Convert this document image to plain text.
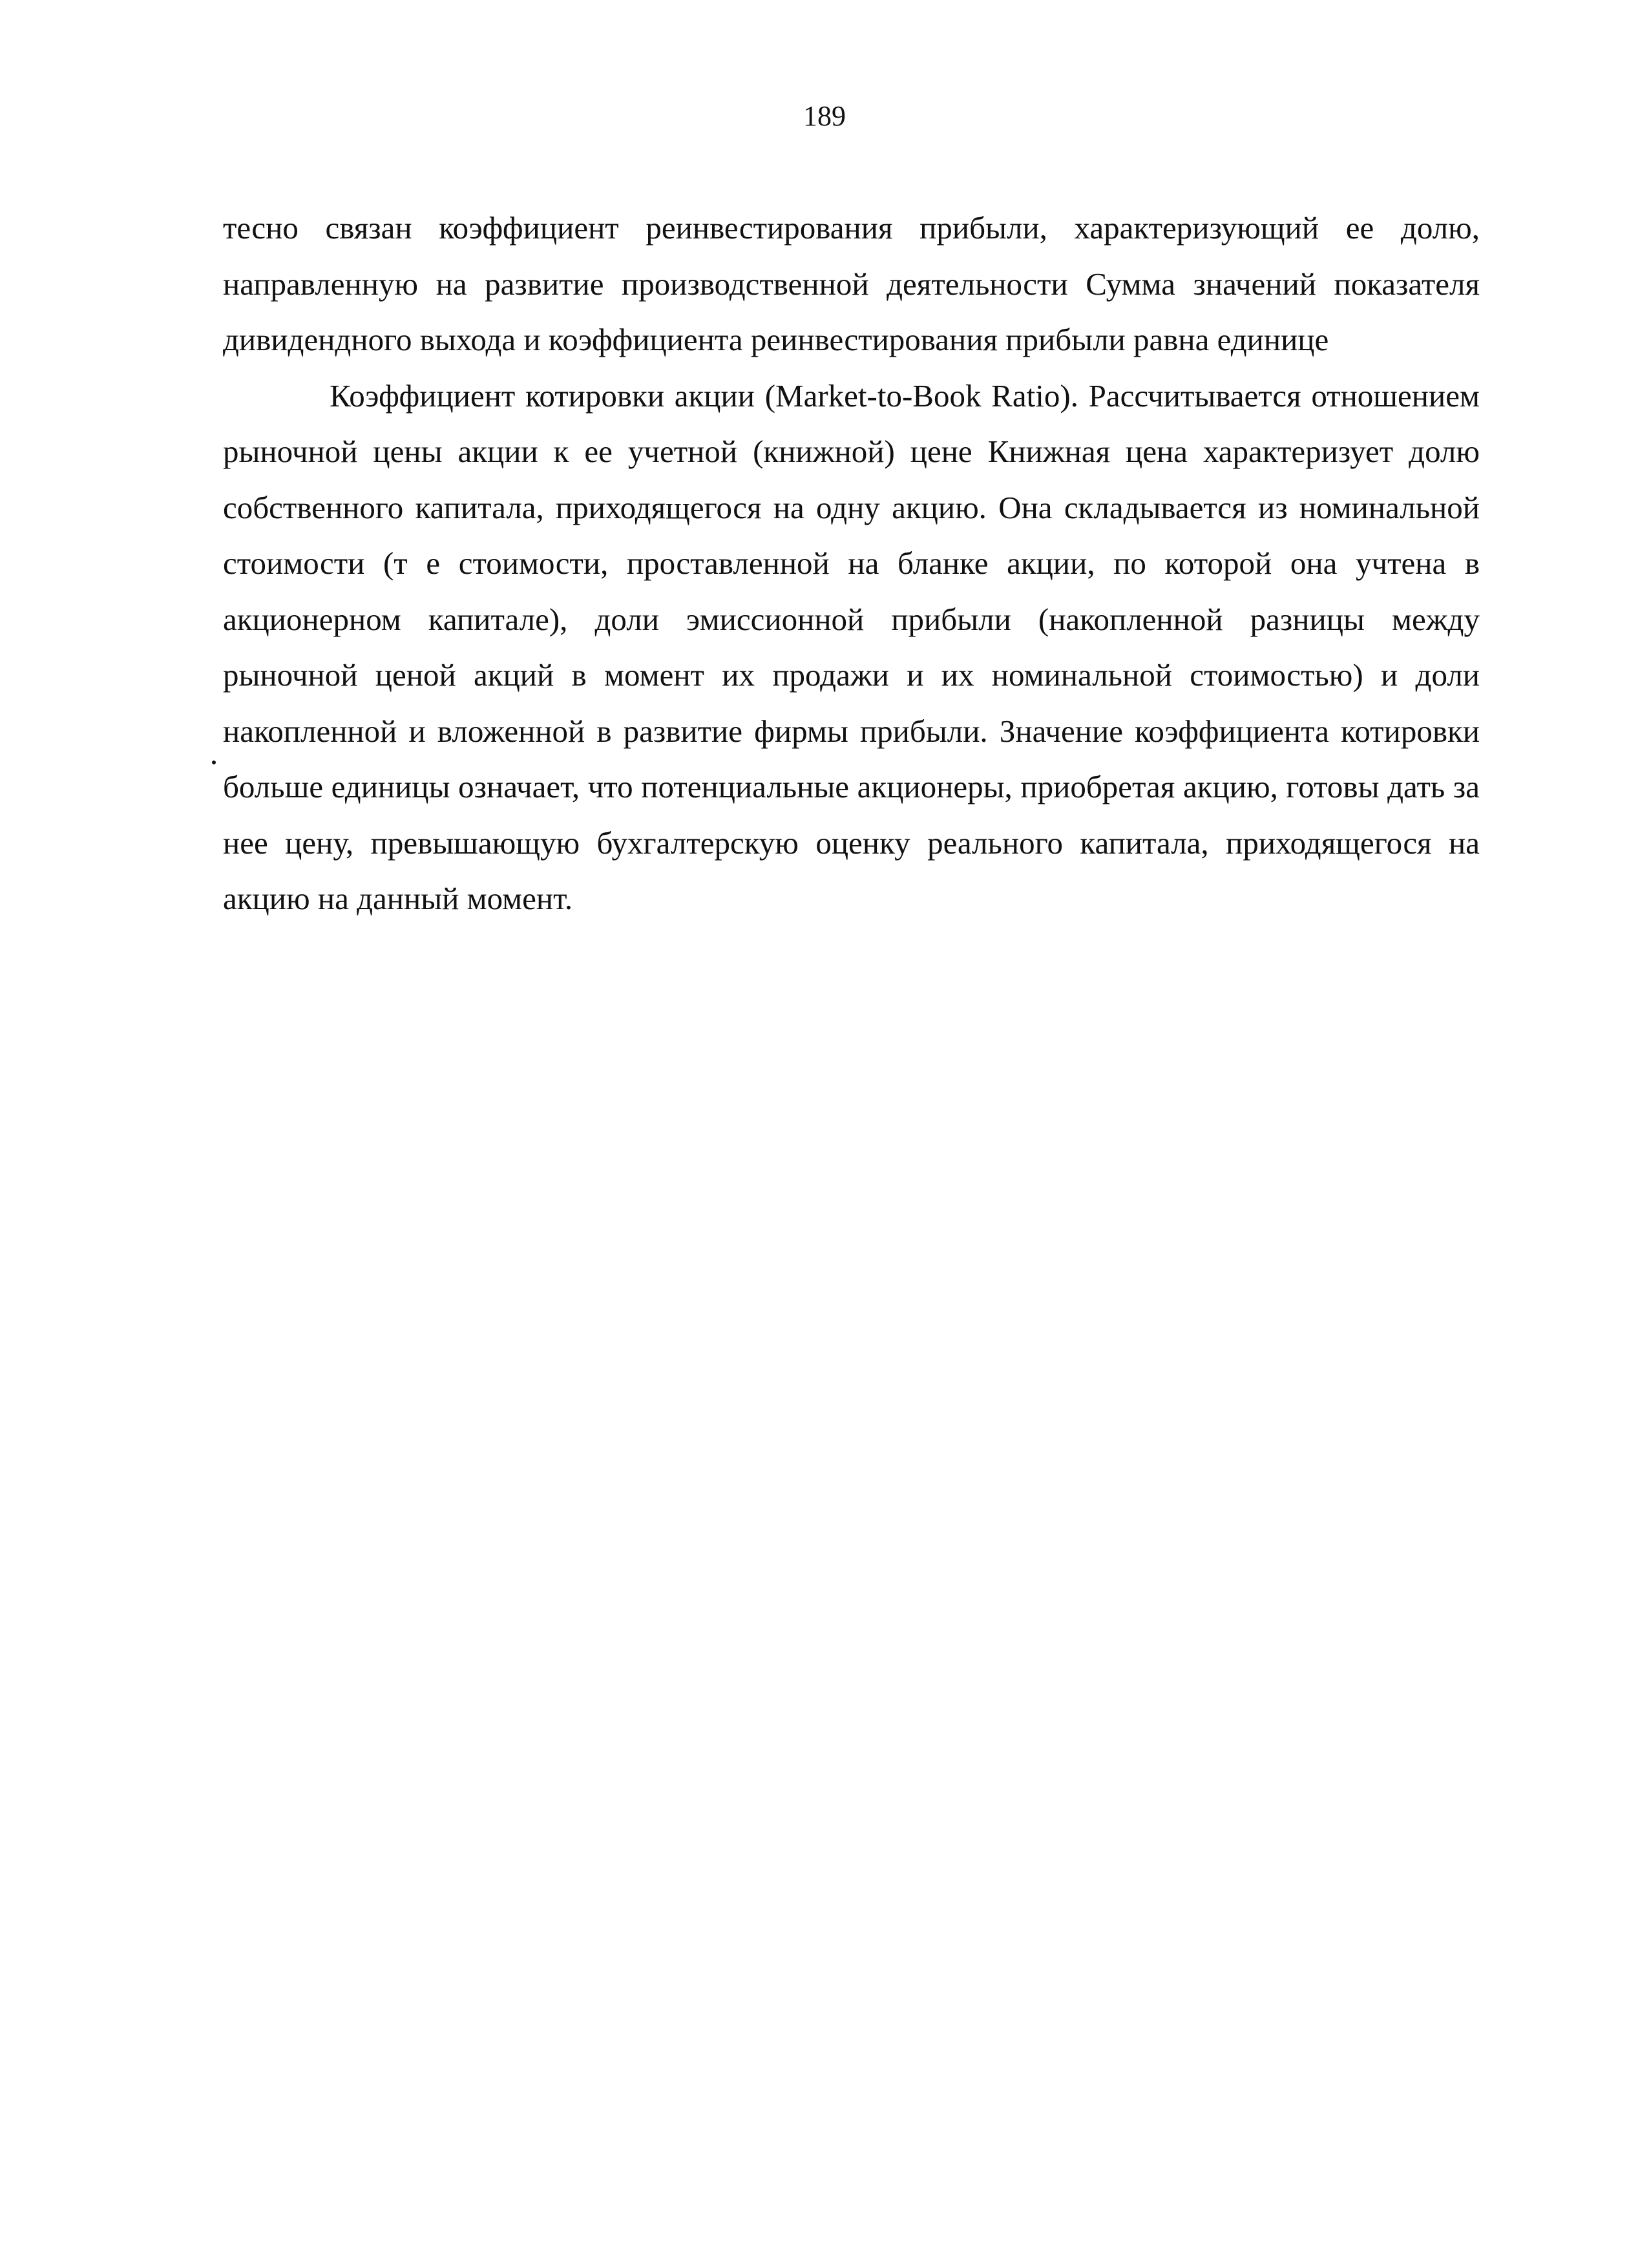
189

тесно связан коэффициент реинвестирования прибыли, характеризующий ее долю, направленную на развитие производственной деятельности Сумма значений показателя дивидендного выхода и коэффициента реинвестирования прибыли равна единице

Коэффициент котировки акции (Market-to-Book Ratio). Рассчитывается отношением рыночной цены акции к ее учетной (книжной) цене Книжная цена характеризует долю собственного капитала, приходящегося на одну акцию. Она складывается из номинальной стоимости (т е стоимости, проставленной на бланке акции, по которой она учтена в акционерном капитале), доли эмиссионной прибыли (накопленной разницы между рыночной ценой акций в момент их продажи и их номинальной стоимостью) и доли накопленной и вложенной в развитие фирмы прибыли. Значение коэффициента котировки больше единицы означает, что потенциальные акционеры, приобретая акцию, готовы дать за нее цену, превышающую бухгалтерскую оценку реального капитала, приходящегося на акцию на данный момент.
